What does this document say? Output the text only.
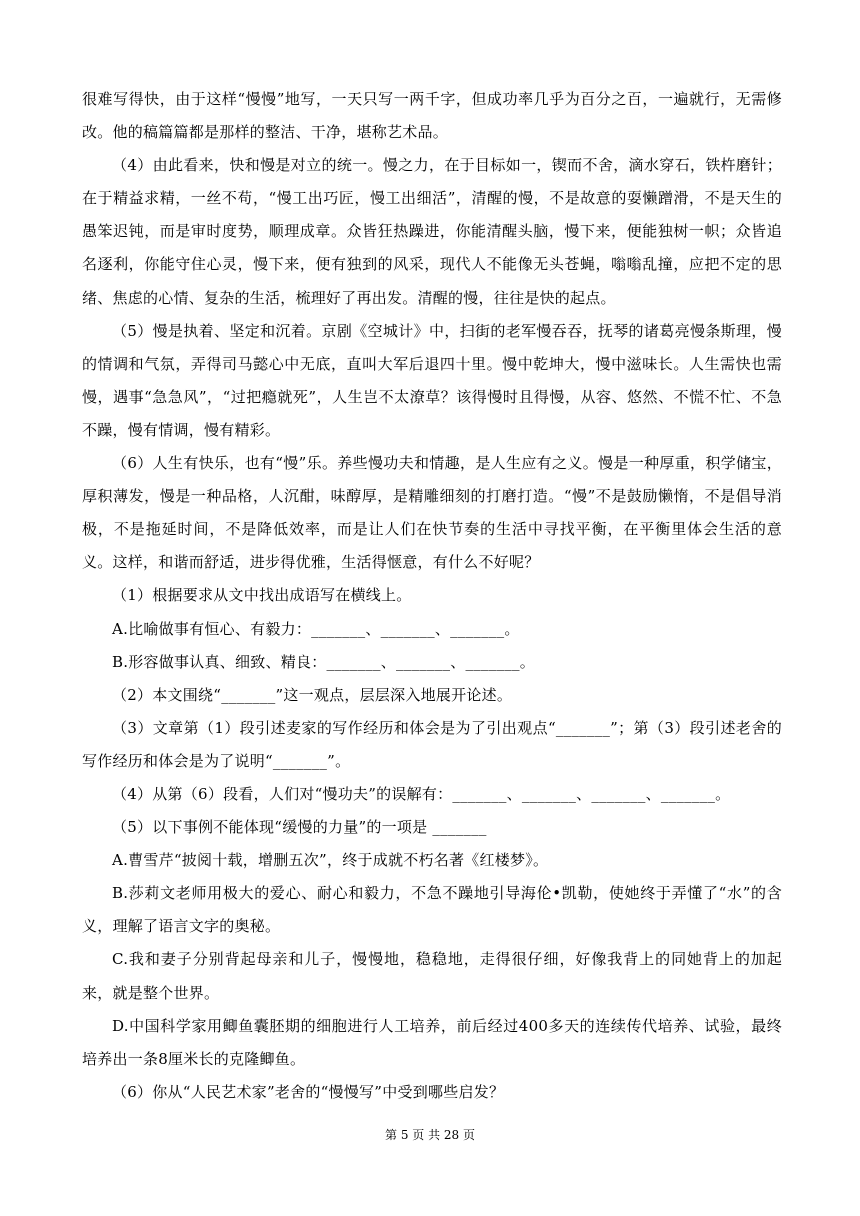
很难写得快，由于这样“慢慢”地写，一天只写一两千字，但成功率几乎为百分之百，一遍就行，无需修改。他的稿篇篇都是那样的整洁、干净，堪称艺术品。

（4）由此看来，快和慢是对立的统一。慢之力，在于目标如一，锲而不舍，滴水穿石，铁杵磨针；在于精益求精，一丝不苟，“慢工出巧匠，慢工出细活”，清醒的慢，不是故意的耍懒蹭滑，不是天生的愚笨迟钝，而是审时度势，顺理成章。众皆狂热躁进，你能清醒头脑，慢下来，便能独树一帜；众皆追名逐利，你能守住心灵，慢下来，便有独到的风采，现代人不能像无头苍蝇，嗡嗡乱撞，应把不定的思绪、焦虑的心情、复杂的生活，梳理好了再出发。清醒的慢，往往是快的起点。

（5）慢是执着、坚定和沉着。京剧《空城计》中，扫街的老军慢吞吞，抚琴的诸葛亮慢条斯理，慢的情调和气氛，弄得司马懿心中无底，直叫大军后退四十里。慢中乾坤大，慢中滋味长。人生需快也需慢，遇事“急急风”，“过把瘾就死”，人生岂不太潦草？该得慢时且得慢，从容、悠然、不慌不忙、不急不躁，慢有情调，慢有精彩。

（6）人生有快乐，也有“慢”乐。养些慢功夫和情趣，是人生应有之义。慢是一种厚重，积学储宝，厚积薄发，慢是一种品格，人沉酣，味醇厚，是精雕细刻的打磨打造。“慢”不是鼓励懒惰，不是倡导消极，不是拖延时间，不是降低效率，而是让人们在快节奏的生活中寻找平衡，在平衡里体会生活的意义。这样，和谐而舒适，进步得优雅，生活得惬意，有什么不好呢？

（1）根据要求从文中找出成语写在横线上。

A.比喻做事有恒心、有毅力：_______、_______、_______。

B.形容做事认真、细致、精良：_______、_______、_______。

（2）本文围绕“_______”这一观点，层层深入地展开论述。

（3）文章第（1）段引述麦家的写作经历和体会是为了引出观点“_______”；第（3）段引述老舍的写作经历和体会是为了说明“_______”。

（4）从第（6）段看，人们对“慢功夫”的误解有：_______、_______、_______、_______。

（5）以下事例不能体现“缓慢的力量”的一项是 _______

A.曹雪芹“披阅十载，增删五次”，终于成就不朽名著《红楼梦》。

B.莎莉文老师用极大的爱心、耐心和毅力，不急不躁地引导海伦•凯勒，使她终于弄懂了“水”的含义，理解了语言文字的奥秘。

C.我和妻子分别背起母亲和儿子，慢慢地，稳稳地，走得很仔细，好像我背上的同她背上的加起来，就是整个世界。

D.中国科学家用鲫鱼囊胚期的细胞进行人工培养，前后经过400多天的连续传代培养、试验，最终培养出一条8厘米长的克隆鲫鱼。

（6）你从“人民艺术家”老舍的“慢慢写”中受到哪些启发？

第 5 页 共 28 页
